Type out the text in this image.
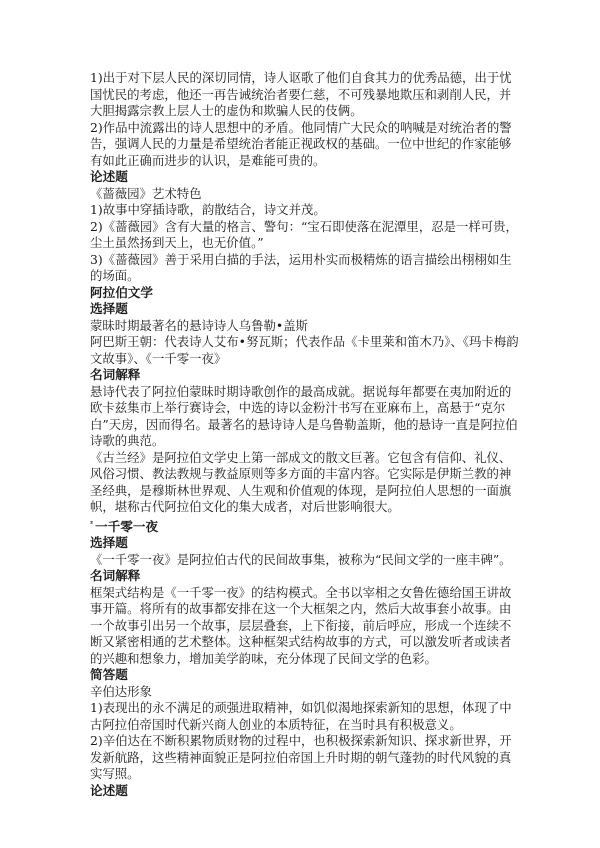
1)出于对下层人民的深切同情，诗人讴歌了他们自食其力的优秀品德，出于忧国忧民的考虑，他还一再告诫统治者要仁慈，不可残暴地欺压和剥削人民，并大胆揭露宗教上层人士的虚伪和欺骗人民的伎俩。
2)作品中流露出的诗人思想中的矛盾。他同情广大民众的呐喊是对统治者的警告，强调人民的力量是希望统治者能正视政权的基础。一位中世纪的作家能够有如此正确而进步的认识，是难能可贵的。
论述题
《蔷薇园》艺术特色
1)故事中穿插诗歌，韵散结合，诗文并茂。
2)《蔷薇园》含有大量的格言、警句：“宝石即使落在泥潭里，忍是一样可贵，尘土虽然扬到天上，也无价值。”
3)《蔷薇园》善于采用白描的手法，运用朴实而极精炼的语言描绘出栩栩如生的场面。
阿拉伯文学
选择题
蒙昧时期最著名的悬诗诗人乌鲁勒•盖斯
阿巴斯王朝：代表诗人艾布•努瓦斯；代表作品《卡里莱和笛木乃》、《玛卡梅韵文故事》、《一千零一夜》
名词解释
悬诗代表了阿拉伯蒙昧时期诗歌创作的最高成就。据说每年都要在夷加附近的欧卡兹集市上举行赛诗会，中选的诗以金粉汁书写在亚麻布上，高悬于“克尔白”天房，因而得名。最著名的悬诗诗人是乌鲁勒盖斯，他的悬诗一直是阿拉伯诗歌的典范。
《古兰经》是阿拉伯文学史上第一部成文的散文巨著。它包含有信仰、礼仪、风俗习惯、教法教规与教益原则等多方面的丰富内容。它实际是伊斯兰教的神圣经典，是穆斯林世界观、人生观和价值观的体现，是阿拉伯人思想的一面旗帜，堪称古代阿拉伯文化的集大成者，对后世影响很大。
$^{^2}$ 一千零一夜
选择题
《一千零一夜》是阿拉伯古代的民间故事集，被称为“民间文学的一座丰碑”。
名词解释
框架式结构是《一千零一夜》的结构模式。全书以宰相之女鲁佐德给国王讲故事开篇。将所有的故事都安排在这一个大框架之内，然后大故事套小故事。由一个故事引出另一个故事，层层叠套，上下衔接，前后呼应，形成一个连续不断又紧密相通的艺术整体。这种框架式结构故事的方式，可以激发听者或读者的兴趣和想象力，增加美学韵味，充分体现了民间文学的色彩。
简答题
辛伯达形象
1)表现出的永不满足的顽强进取精神，如饥似渴地探索新知的思想，体现了中古阿拉伯帝国时代新兴商人创业的本质特征，在当时具有积极意义。
2)辛伯达在不断积累物质财物的过程中，也积极探索新知识、探求新世界，开发新航路，这些精神面貌正是阿拉伯帝国上升时期的朝气蓬勃的时代风貌的真实写照。
论述题
